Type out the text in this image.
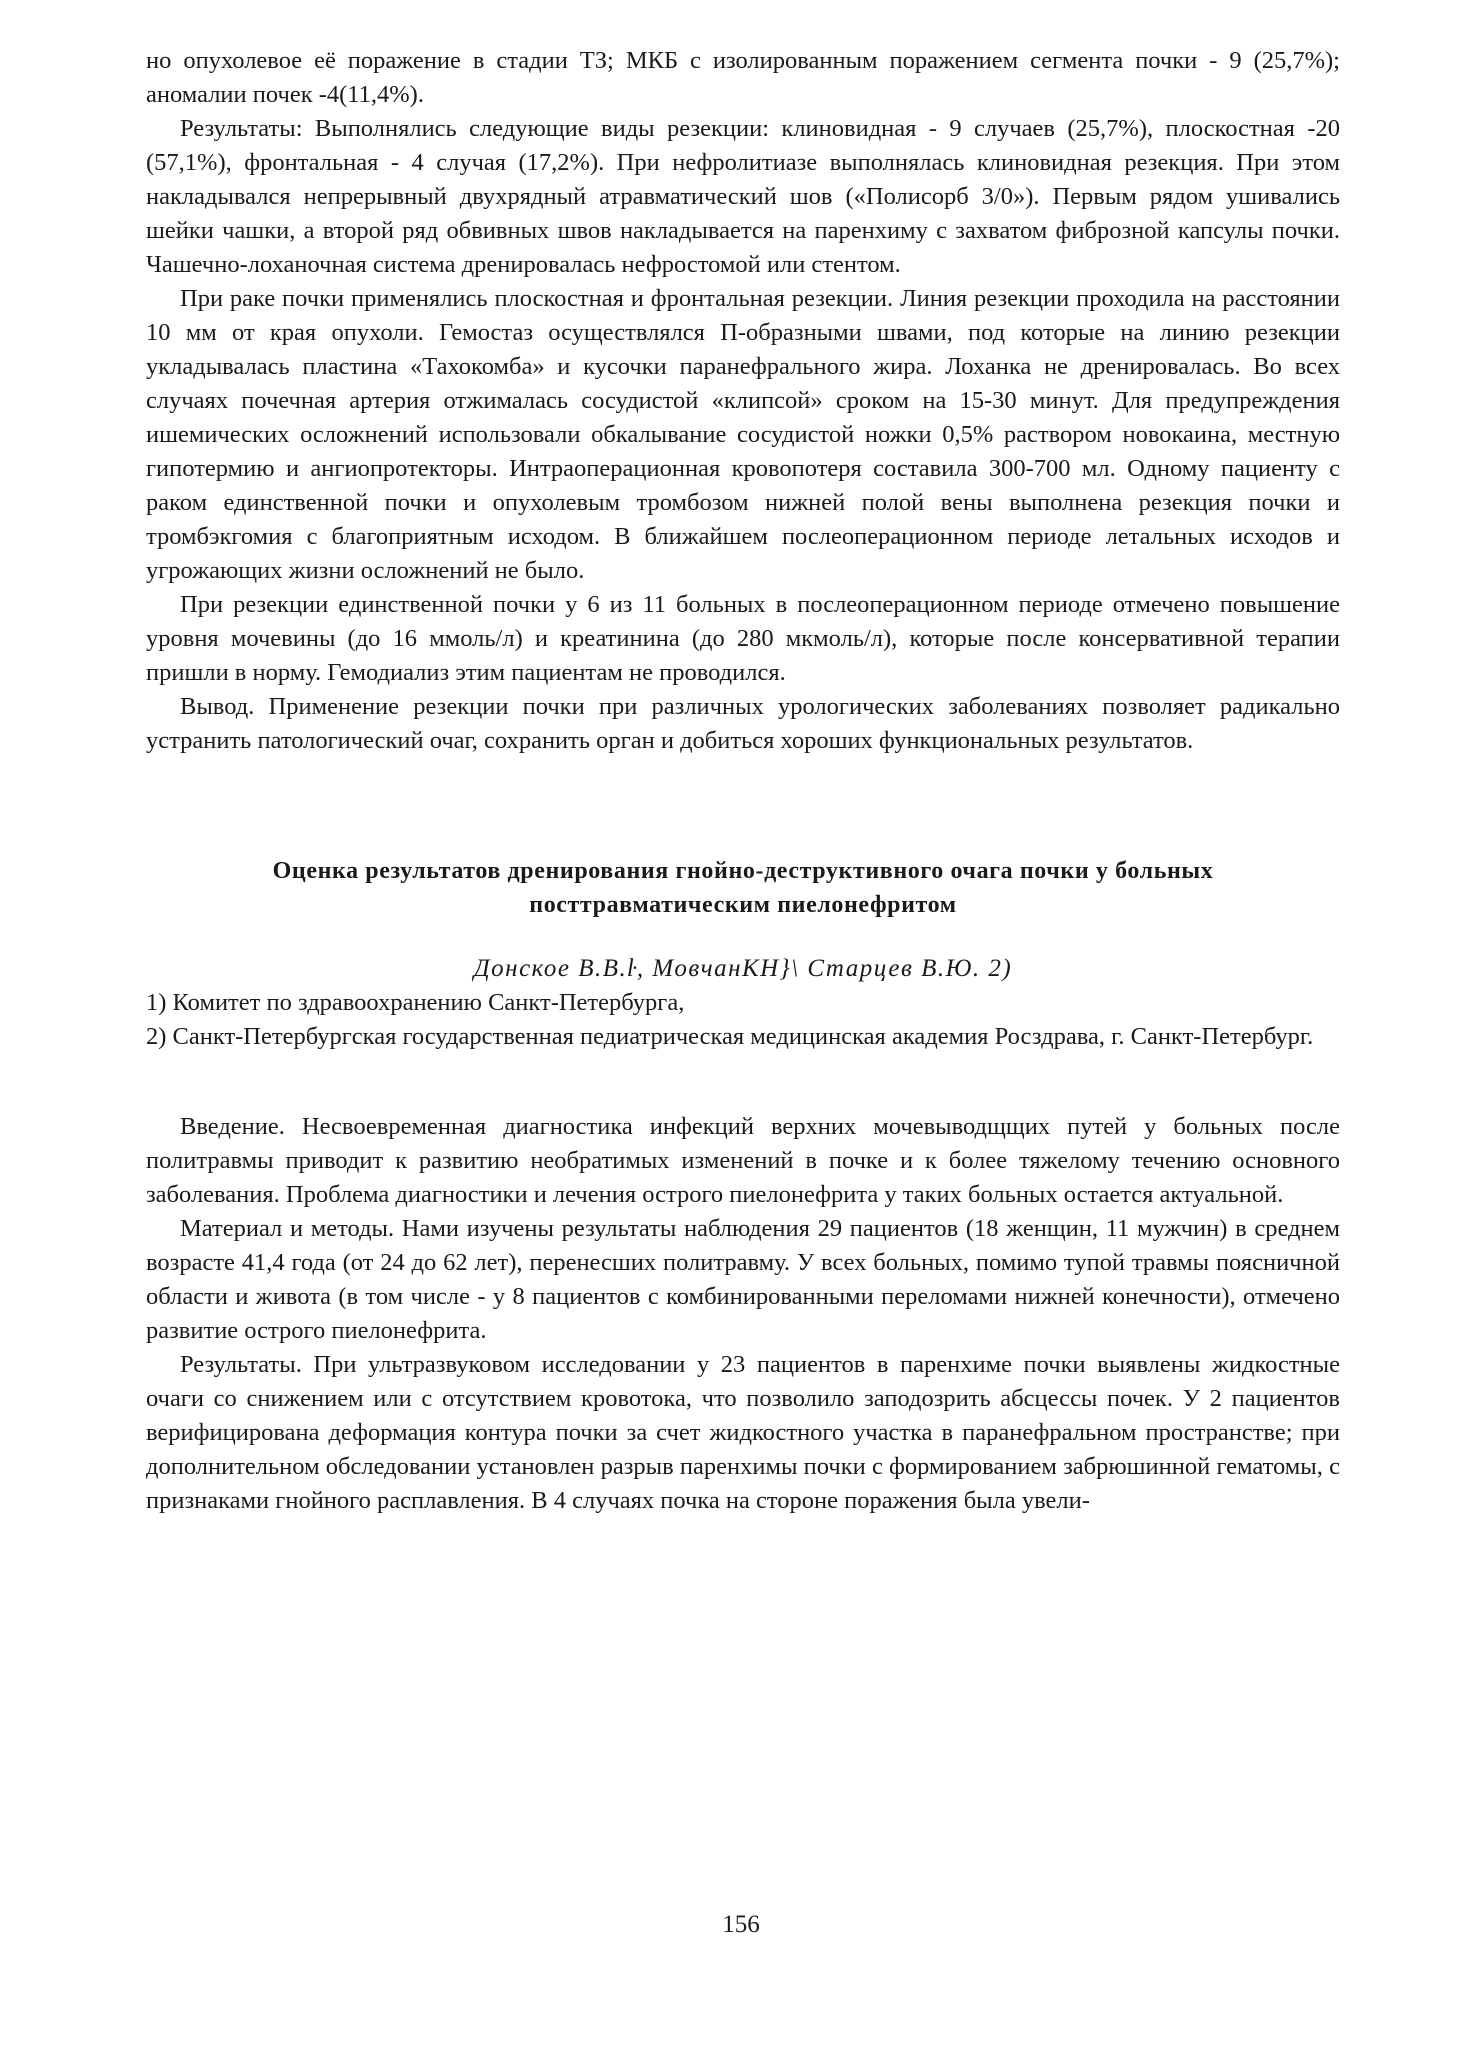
но опухолевое её поражение в стадии ТЗ; МКБ с изолированным поражением сегмента почки - 9 (25,7%); аномалии почек -4(11,4%).

Результаты: Выполнялись следующие виды резекции: клиновидная - 9 случаев (25,7%), плоскостная -20 (57,1%), фронтальная - 4 случая (17,2%). При нефролитиазе выполнялась клиновидная резекция. При этом накладывался непрерывный двухрядный атравматический шов («Полисорб 3/0»). Первым рядом ушивались шейки чашки, а второй ряд обвивных швов накладывается на паренхиму с захватом фиброзной капсулы почки. Чашечно-лоханочная система дренировалась нефростомой или стентом.

При раке почки применялись плоскостная и фронтальная резекции. Линия резекции проходила на расстоянии 10 мм от края опухоли. Гемостаз осуществлялся П-образными швами, под которые на линию резекции укладывалась пластина «Тахокомба» и кусочки паранефрального жира. Лоханка не дренировалась. Во всех случаях почечная артерия отжималась сосудистой «клипсой» сроком на 15-30 минут. Для предупреждения ишемических осложнений использовали обкалывание сосудистой ножки 0,5% раствором новокаина, местную гипотермию и ангиопротекторы. Интраоперационная кровопотеря составила 300-700 мл. Одному пациенту с раком единственной почки и опухолевым тромбозом нижней полой вены выполнена резекция почки и тромбэкгомия с благоприятным исходом. В ближайшем послеоперационном периоде летальных исходов и угрожающих жизни осложнений не было.

При резекции единственной почки у 6 из 11 больных в послеоперационном периоде отмечено повышение уровня мочевины (до 16 ммоль/л) и креатинина (до 280 мкмоль/л), которые после консервативной терапии пришли в норму. Гемодиализ этим пациентам не проводился.

Вывод. Применение резекции почки при различных урологических заболеваниях позволяет радикально устранить патологический очаг, сохранить орган и добиться хороших функциональных результатов.

Оценка результатов дренирования гнойно-деструктивного очага почки у больных

посттравматическим пиелонефритом

Донское В.В.ŀ, МовчанКН}\ Старцев В.Ю. 2)

1) Комитет по здравоохранению Санкт-Петербурга,

2) Санкт-Петербургская государственная педиатрическая медицинская академия Росздрава, г. Санкт-Петербург.

Введение. Несвоевременная диагностика инфекций верхних мочевыводщщих путей у больных после политравмы приводит к развитию необратимых изменений в почке и к более тяжелому течению основного заболевания. Проблема диагностики и лечения острого пиелонефрита у таких больных остается актуальной.

Материал и методы. Нами изучены результаты наблюдения 29 пациентов (18 женщин, 11 мужчин) в среднем возрасте 41,4 года (от 24 до 62 лет), перенесших политравму. У всех больных, помимо тупой травмы поясничной области и живота (в том числе - у 8 пациентов с комбинированными переломами нижней конечности), отмечено развитие острого пиелонефрита.

Результаты. При ультразвуковом исследовании у 23 пациентов в паренхиме почки выявлены жидкостные очаги со снижением или с отсутствием кровотока, что позволило заподозрить абсцессы почек. У 2 пациентов верифицирована деформация контура почки за счет жидкостного участка в паранефральном пространстве; при дополнительном обследовании установлен разрыв паренхимы почки с формированием забрюшинной гематомы, с признаками гнойного расплавления. В 4 случаях почка на стороне поражения была увели-

156
